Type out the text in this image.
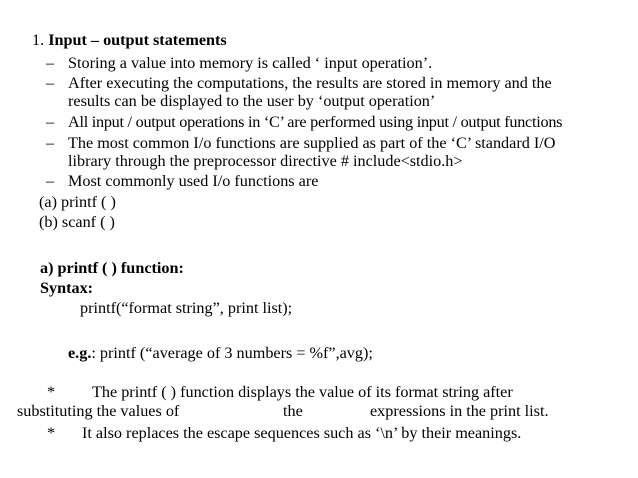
1. Input – output statements
– Storing a value into memory is called ‘ input operation’.
– After executing the computations, the results are stored in memory and the
results can be displayed to the user by ‘output operation’
– All input / output operations in ‘C’ are performed using input / output functions
– The most common I/o functions are supplied as part of the ‘C’ standard I/O
library through the preprocessor directive # include<stdio.h>
– Most commonly used I/o functions are
(a) printf ( )
(b) scanf ( )
a) printf ( ) function:
Syntax:
printf(“format string”, print list);
e.g.: printf (“average of 3 numbers = %f”,avg);
* The printf ( ) function displays the value of its format string after
substituting the values of	the	expressions in the print list.
* It also replaces the escape sequences such as ‘\n’ by their meanings.
